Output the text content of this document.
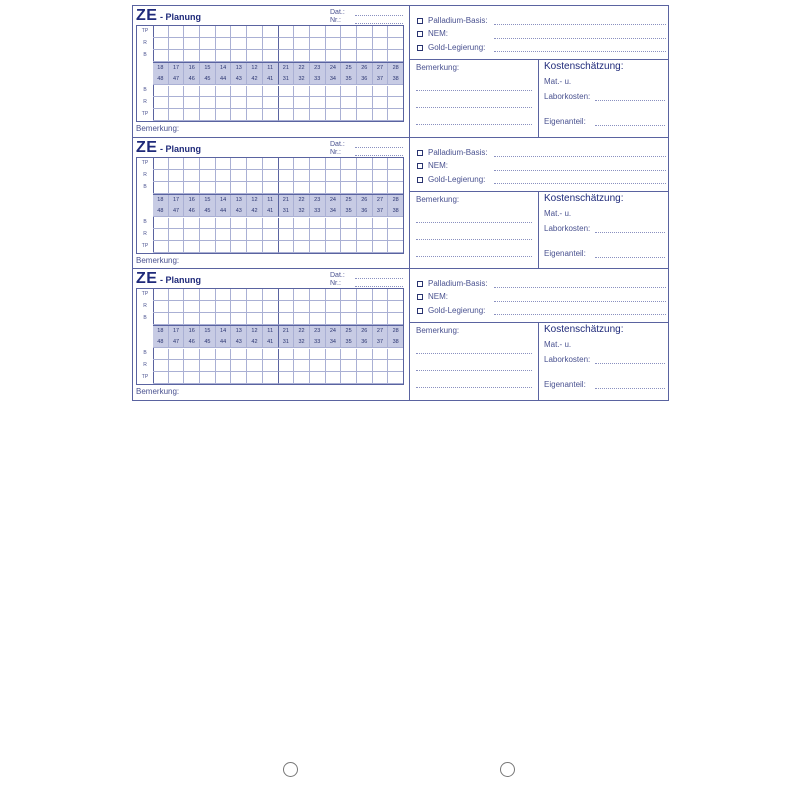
ZE - Planung	Dat.:
Nr.:
TP
R
B
B
R
TP
18	17	16	15	14	13	12	11	21	22	23	24	25	26	27	28
48	47	46	45	44	43	42	41	31	32	33	34	35	36	37	38
Bemerkung:
Palladium-Basis:
NEM:
Gold-Legierung:
Bemerkung:	Kostenschätzung:
Mat.- u.
Laborkosten:
Eigenanteil:
ZE - Planung	Dat.:
Nr.:
TP
R
B
B
R
TP
18	17	16	15	14	13	12	11	21	22	23	24	25	26	27	28
48	47	46	45	44	43	42	41	31	32	33	34	35	36	37	38
Bemerkung:
Palladium-Basis:
NEM:
Gold-Legierung:
Bemerkung:	Kostenschätzung:
Mat.- u.
Laborkosten:
Eigenanteil:
ZE - Planung	Dat.:
Nr.:
TP
R
B
B
R
TP
18	17	16	15	14	13	12	11	21	22	23	24	25	26	27	28
48	47	46	45	44	43	42	41	31	32	33	34	35	36	37	38
Bemerkung:
Palladium-Basis:
NEM:
Gold-Legierung:
Bemerkung:	Kostenschätzung:
Mat.- u.
Laborkosten:
Eigenanteil:
